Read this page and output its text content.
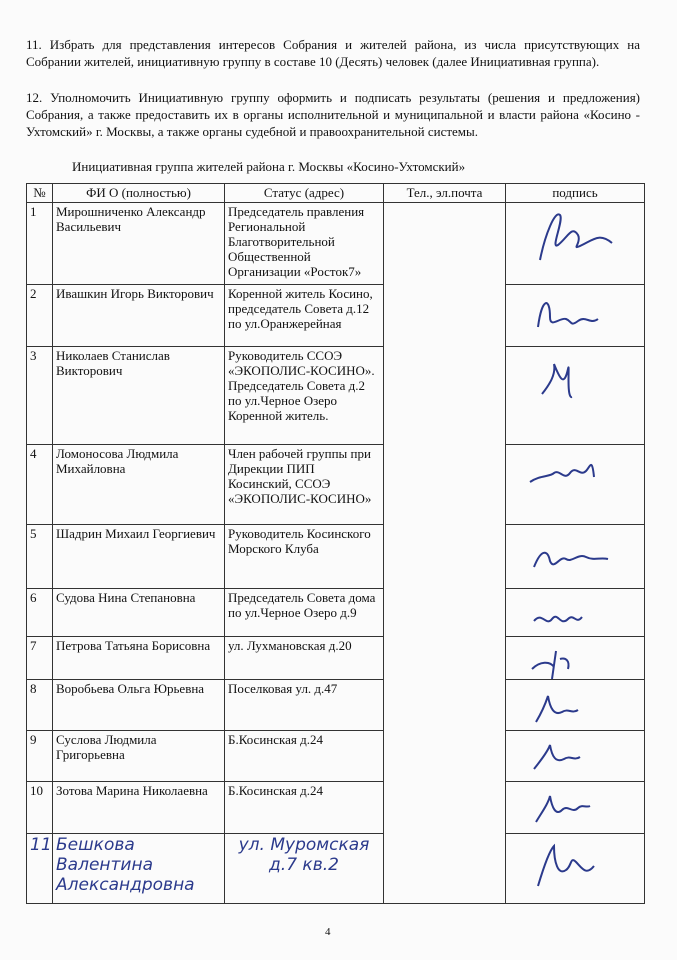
11. Избрать для представления интересов Собрания и жителей района, из числа присутствующих на Собрании жителей, инициативную группу в составе 10 (Десять) человек (далее Инициативная группа).
12. Уполномочить Инициативную группу оформить и подписать результаты (решения и предложения) Собрания, а также предоставить их в органы исполнительной и муниципальной и власти района «Косино - Ухтомский» г. Москвы, а также органы судебной и правоохранительной системы.
Инициативная группа жителей района г. Москвы «Косино-Ухтомский»
№	ФИ О (полностью)	Статус (адрес)	Тел., эл.почта	подпись
1	Мирошниченко Александр Васильевич	Председатель правления Региональной Благотворительной Общественной Организации «Росток7»		

2	Ивашкин Игорь Викторович	Коренной житель Косино, председатель Совета д.12 по ул.Оранжерейная	

3	Николаев Станислав Викторович	Руководитель ССОЭ «ЭКОПОЛИС-КОСИНО». Председатель Совета д.2 по ул.Черное Озеро Коренной житель.	

4	Ломоносова Людмила Михайловна	Член рабочей группы при Дирекции ПИП Косинский, ССОЭ «ЭКОПОЛИС-КОСИНО»	

5	Шадрин Михаил Георгиевич	Руководитель Косинского Морского Клуба	

6	Судова Нина Степановна	Председатель Совета дома по ул.Черное Озеро д.9	

7	Петрова Татьяна Борисовна	ул. Лухмановская д.20	

8	Воробьева Ольга Юрьевна	Поселковая ул. д.47	

9	Суслова Людмила Григорьевна	Б.Косинская д.24	

10	Зотова Марина Николаевна	Б.Косинская д.24	

11	Бешкова Валентина Александровна	ул. Муромская д.7 кв.2	
4
